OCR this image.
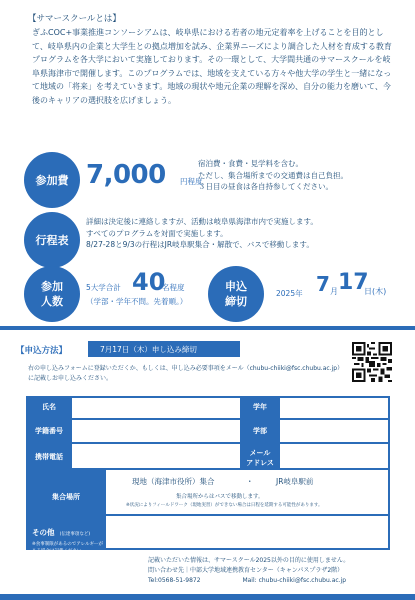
【サマースクールとは】
ぎふCOC+事業推進コンソーシアムは、岐阜県における若者の地元定着率を上げることを目的として、岐阜県内の企業と大学生との拠点増加を試み、企業界ニーズにより調合した人材を育成する教育プログラムを各大学において実施しております。その一環として、大学間共通のサマースクールを岐阜県海津市で開催します。このプログラムでは、地域を支えている方々や他大学の学生と一緒になって地域の「将来」を考えていきます。地域の現状や地元企業の理解を深め、自分の能力を磨いて、今後のキャリアの選択肢を広げましょう。
参加費 7,000 円程度
宿泊費・食費・見学料を含む。
ただし、集合場所までの交通費は自己負担。
３日目の昼食は各自持参してください。
行程表
詳細は決定後に連絡しますが、活動は岐阜県海津市内で実施します。
すべてのプログラムを対面で実施します。
8/27-28と9/3の行程はJR岐阜駅集合・解散で、バスで移動します。
参加
人数
5大学合計 40
名程度
（学部・学年不問。先着順。）
申込
締切
2025年 7 月 17
日(木)
【申込方法】	7月17日（木）申し込み締切
右の申し込みフォームに登録いただくか、もしくは、申し込み必要事項をメール（chubu-chiiki@fsc.chubu.ac.jp）
に記載しお申し込みください。
氏名	学年
学籍番号	学部
携帯電話	メール
アドレス
集合場所
現地（海津市役所）集合	・	JR岐阜駅前
集合場所からはバスで移動します。
※状況によりフィールドワーク（現地実習）ができない場合は日程を延期する可能性があります。
その他 (伝達事項など)
※食事制限があるのでアレルギーがある場合は記載ください
記載いただいた情報は、サマースクール2025以外の目的に使用しません。
問い合わせ先｜中部大学地域連携教育センター（キャンパスプラザ2階）
Tel:0568-51-9872	Mail: chubu-chiiki@fsc.chubu.ac.jp
